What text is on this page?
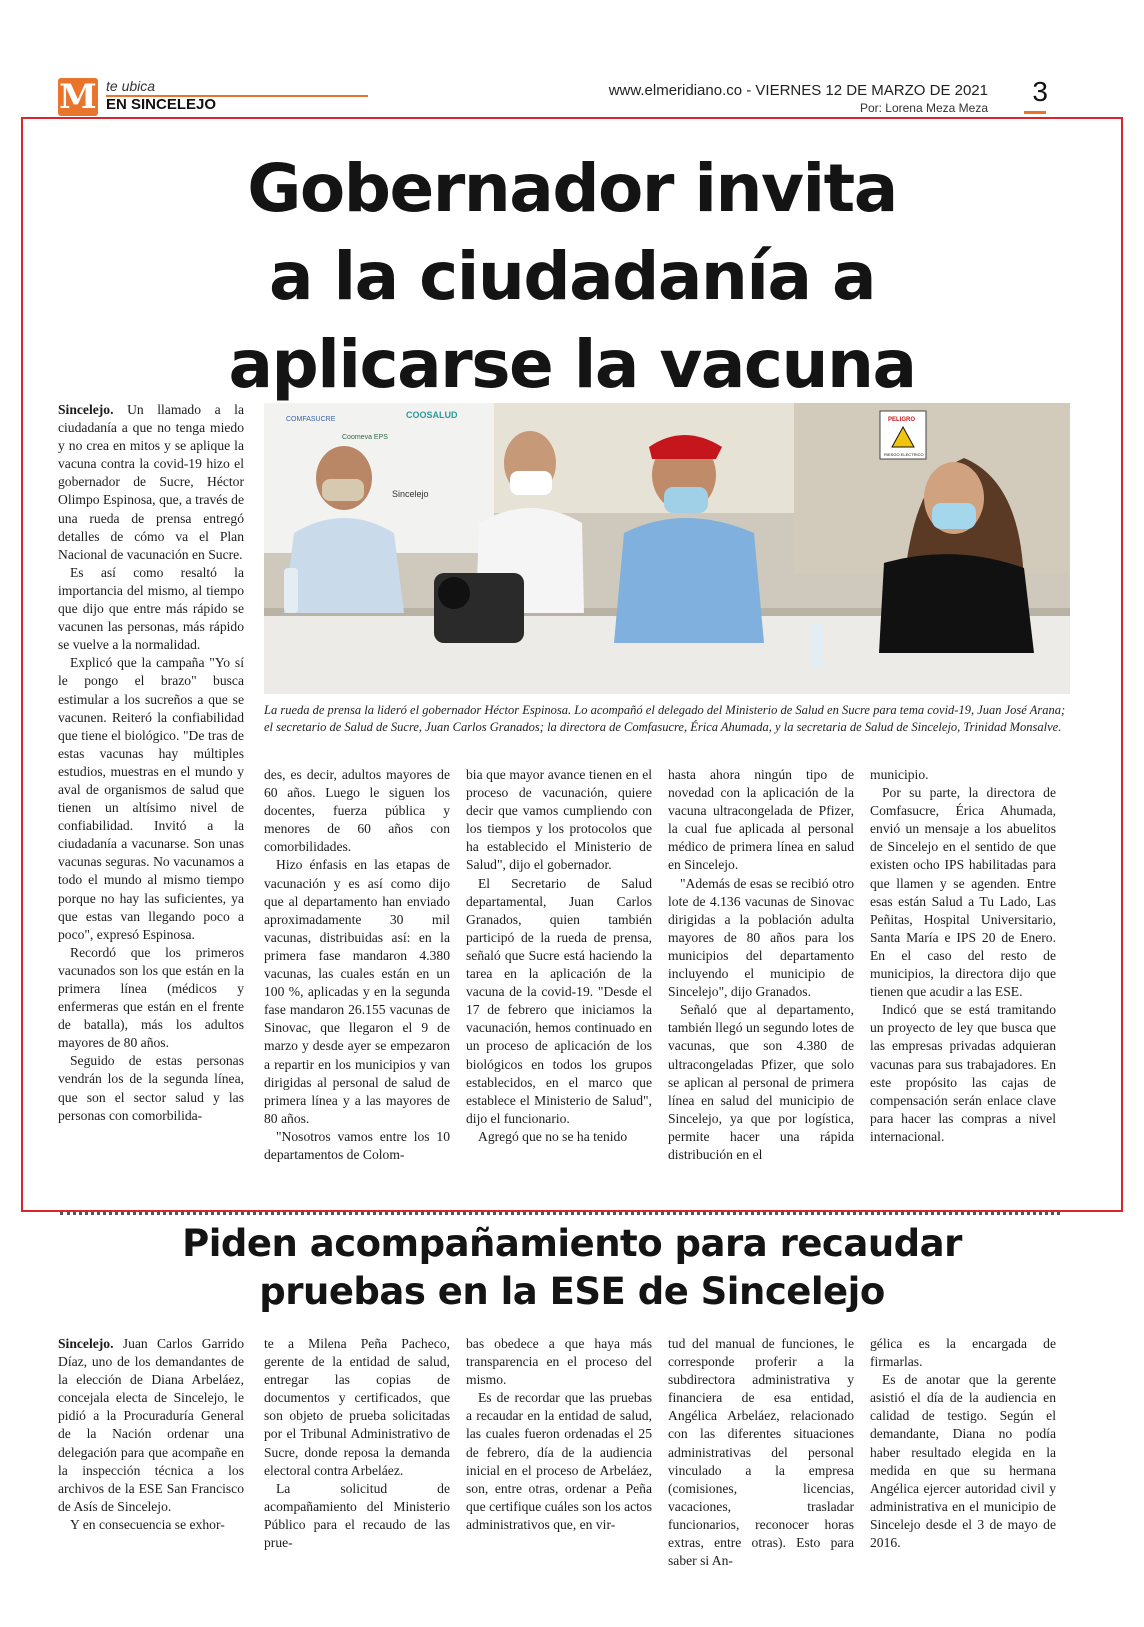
M te ubica
EN SINCELEJO
www.elmeridiano.co - VIERNES 12 DE MARZO DE 2021
Por: Lorena Meza Meza
3
Gobernador invita
a la ciudadanía a
aplicarse la vacuna

Sincelejo. Un llamado a la ciudadanía a que no tenga miedo y no crea en mitos y se aplique la vacuna contra la covid-19 hizo el gobernador de Sucre, Héctor Olimpo Espinosa, que, a través de una rueda de prensa entregó detalles de cómo va el Plan Nacional de vacunación en Sucre.

Es así como resaltó la importancia del mismo, al tiempo que dijo que entre más rápido se vacunen las personas, más rápido se vuelve a la normalidad.

Explicó que la campaña "Yo sí le pongo el brazo" busca estimular a los sucreños a que se vacunen. Reiteró la confiabilidad que tiene el biológico. "De tras de estas vacunas hay múltiples estudios, muestras en el mundo y aval de organismos de salud que tienen un altísimo nivel de confiabilidad. Invitó a la ciudadanía a vacunarse. Son unas vacunas seguras. No vacunamos a todo el mundo al mismo tiempo porque no hay las suficientes, ya que estas van llegando poco a poco", expresó Espinosa.

Recordó que los primeros vacunados son los que están en la primera línea (médicos y enfermeras que están en el frente de batalla), más los adultos mayores de 80 años.

Seguido de estas personas vendrán los de la segunda línea, que son el sector salud y las personas con comorbilida-

COMFASUCRE	COOSALUD
Coomeva EPS
Sincelejo
PELIGRO
RIESGO ELECTRICO
La rueda de prensa la lideró el gobernador Héctor Espinosa. Lo acompañó el delegado del Ministerio de Salud en Sucre para tema covid-19, Juan José Arana; el secretario de Salud de Sucre, Juan Carlos Granados; la directora de Comfasucre, Érica Ahumada, y la secretaria de Salud de Sincelejo, Trinidad Monsalve.

des, es decir, adultos mayores de 60 años. Luego le siguen los docentes, fuerza pública y menores de 60 años con comorbilidades.

Hizo énfasis en las etapas de vacunación y es así como dijo que al departamento han enviado aproximadamente 30 mil vacunas, distribuidas así: en la primera fase mandaron 4.380 vacunas, las cuales están en un 100 %, aplicadas y en la segunda fase mandaron 26.155 vacunas de Sinovac, que llegaron el 9 de marzo y desde ayer se empezaron a repartir en los municipios y van dirigidas al personal de salud de primera línea y a las mayores de 80 años.

"Nosotros vamos entre los 10 departamentos de Colom-

bia que mayor avance tienen en el proceso de vacunación, quiere decir que vamos cumpliendo con los tiempos y los protocolos que ha establecido el Ministerio de Salud", dijo el gobernador.

El Secretario de Salud departamental, Juan Carlos Granados, quien también participó de la rueda de prensa, señaló que Sucre está haciendo la tarea en la aplicación de la vacuna de la covid-19. "Desde el 17 de febrero que iniciamos la vacunación, hemos continuado en un proceso de aplicación de los biológicos en todos los grupos establecidos, en el marco que establece el Ministerio de Salud", dijo el funcionario.

Agregó que no se ha tenido

hasta ahora ningún tipo de novedad con la aplicación de la vacuna ultracongelada de Pfizer, la cual fue aplicada al personal médico de primera línea en salud en Sincelejo.

"Además de esas se recibió otro lote de 4.136 vacunas de Sinovac dirigidas a la población adulta mayores de 80 años para los municipios del departamento incluyendo el municipio de Sincelejo", dijo Granados.

Señaló que al departamento, también llegó un segundo lotes de vacunas, que son 4.380 de ultracongeladas Pfizer, que solo se aplican al personal de primera línea en salud del municipio de Sincelejo, ya que por logística, permite hacer una rápida distribución en el

municipio.

Por su parte, la directora de Comfasucre, Érica Ahumada, envió un mensaje a los abuelitos de Sincelejo en el sentido de que existen ocho IPS habilitadas para que llamen y se agenden. Entre esas están Salud a Tu Lado, Las Peñitas, Hospital Universitario, Santa María e IPS 20 de Enero. En el caso del resto de municipios, la directora dijo que tienen que acudir a las ESE.

Indicó que se está tramitando un proyecto de ley que busca que las empresas privadas adquieran vacunas para sus trabajadores. En este propósito las cajas de compensación serán enlace clave para hacer las compras a nivel internacional.

Piden acompañamiento para recaudar
pruebas en la ESE de Sincelejo

Sincelejo. Juan Carlos Garrido Díaz, uno de los demandantes de la elección de Diana Arbeláez, concejala electa de Sincelejo, le pidió a la Procuraduría General de la Nación ordenar una delegación para que acompañe en la inspección técnica a los archivos de la ESE San Francisco de Asís de Sincelejo.

Y en consecuencia se exhor-

te a Milena Peña Pacheco, gerente de la entidad de salud, entregar las copias de documentos y certificados, que son objeto de prueba solicitadas por el Tribunal Administrativo de Sucre, donde reposa la demanda electoral contra Arbeláez.

La solicitud de acompañamiento del Ministerio Público para el recaudo de las prue-

bas obedece a que haya más transparencia en el proceso del mismo.

Es de recordar que las pruebas a recaudar en la entidad de salud, las cuales fueron ordenadas el 25 de febrero, día de la audiencia inicial en el proceso de Arbeláez, son, entre otras, ordenar a Peña que certifique cuáles son los actos administrativos que, en vir-

tud del manual de funciones, le corresponde proferir a la subdirectora administrativa y financiera de esa entidad, Angélica Arbeláez, relacionado con las diferentes situaciones administrativas del personal vinculado a la empresa (comisiones, licencias, vacaciones, trasladar funcionarios, reconocer horas extras, entre otras). Esto para saber si An-

gélica es la encargada de firmarlas.

Es de anotar que la gerente asistió el día de la audiencia en calidad de testigo. Según el demandante, Diana no podía haber resultado elegida en la medida en que su hermana Angélica ejercer autoridad civil y administrativa en el municipio de Sincelejo desde el 3 de mayo de 2016.
